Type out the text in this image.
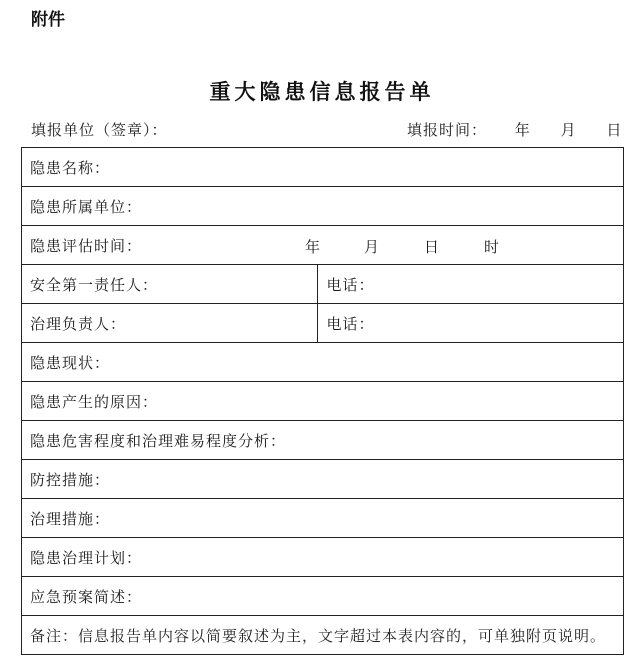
附件
重大隐患信息报告单
填报单位（签章）：	填报时间： 年 月 日
隐患名称：	
隐患所属单位：	
隐患评估时间： 年 月 日 时	

安全第一责任人：	电话：
治理负责人：	电话：
隐患现状：	
隐患产生的原因：	
隐患危害程度和治理难易程度分析：	
防控措施：	
治理措施：	
隐患治理计划：	
应急预案简述：	
备注：信息报告单内容以简要叙述为主，文字超过本表内容的，可单独附页说明。	
